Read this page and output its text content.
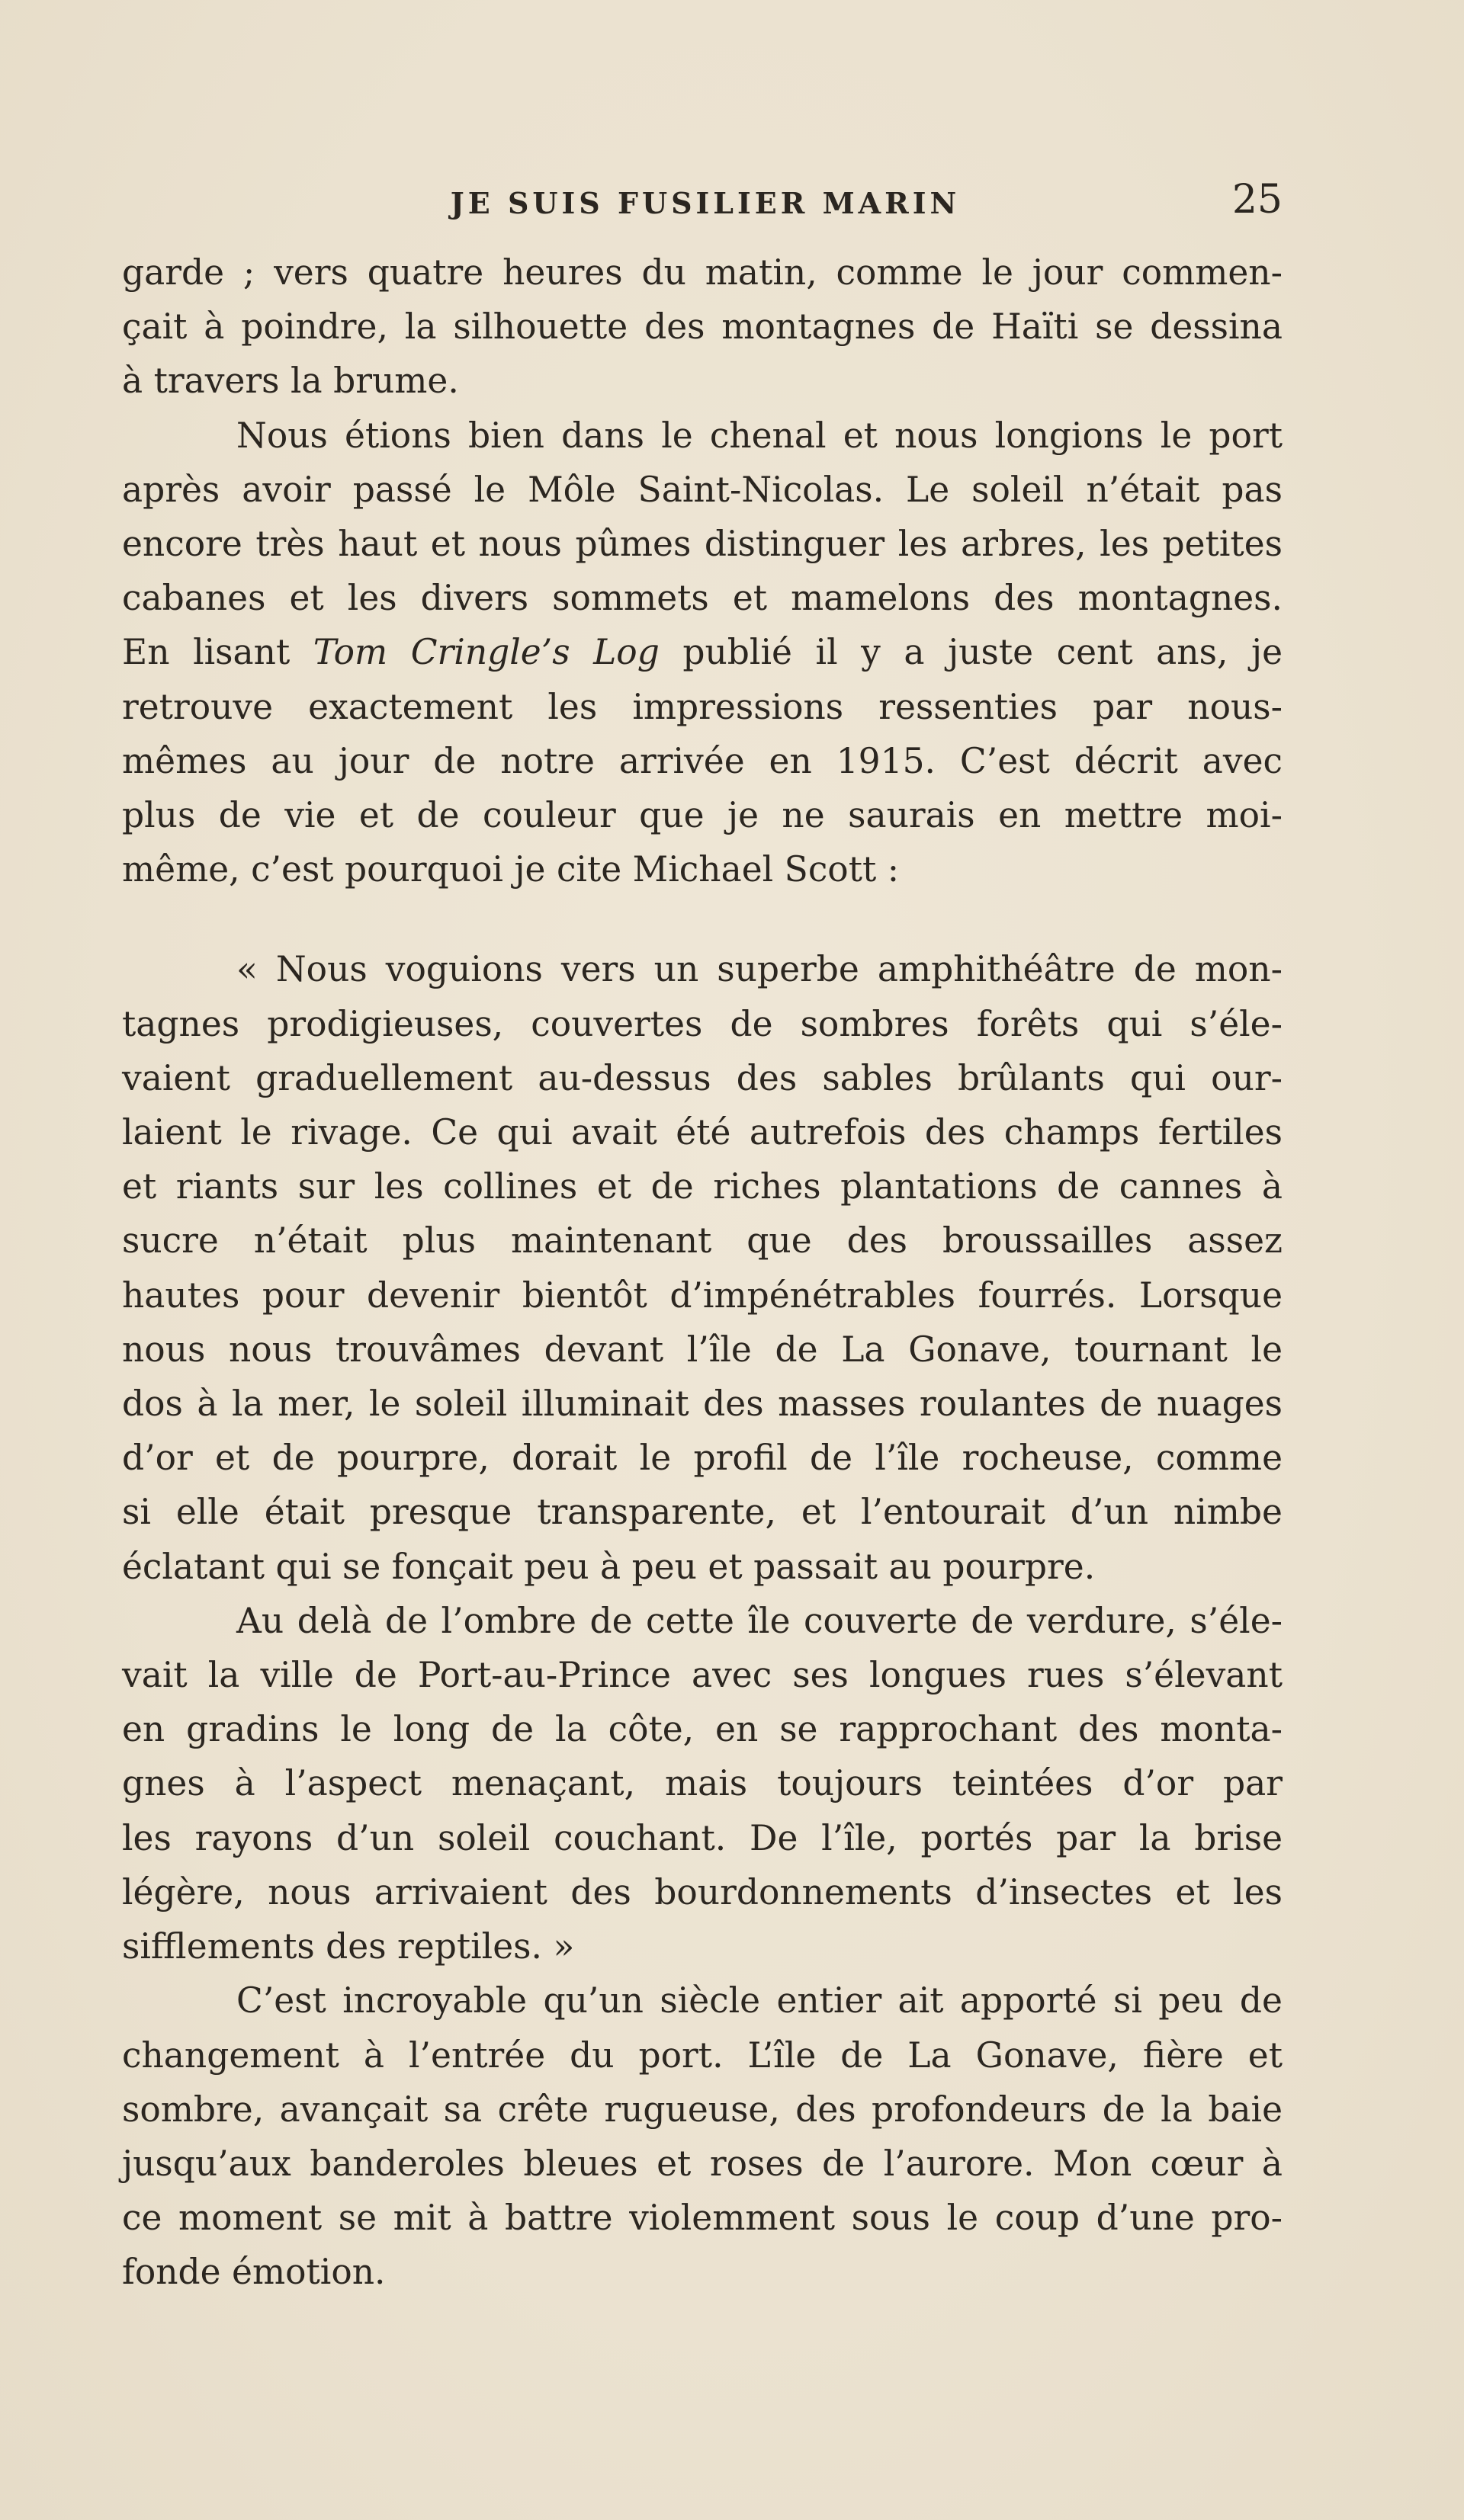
JE SUIS FUSILIER MARIN	25
garde ; vers quatre heures du matin, comme le jour commen-
çait à poindre, la silhouette des montagnes de Haïti se dessina
à travers la brume.
Nous étions bien dans le chenal et nous longions le port
après avoir passé le Môle Saint-Nicolas. Le soleil n’était pas
encore très haut et nous pûmes distinguer les arbres, les petites
cabanes et les divers sommets et mamelons des montagnes.
En lisant Tom Cringle’s Log publié il y a juste cent ans, je
retrouve exactement les impressions ressenties par nous-
mêmes au jour de notre arrivée en 1915. C’est décrit avec
plus de vie et de couleur que je ne saurais en mettre moi-
même, c’est pourquoi je cite Michael Scott :
« Nous voguions vers un superbe amphithéâtre de mon-
tagnes prodigieuses, couvertes de sombres forêts qui s’éle-
vaient graduellement au-dessus des sables brûlants qui our-
laient le rivage. Ce qui avait été autrefois des champs fertiles
et riants sur les collines et de riches plantations de cannes à
sucre n’était plus maintenant que des broussailles assez
hautes pour devenir bientôt d’impénétrables fourrés. Lorsque
nous nous trouvâmes devant l’île de La Gonave, tournant le
dos à la mer, le soleil illuminait des masses roulantes de nuages
d’or et de pourpre, dorait le profil de l’île rocheuse, comme
si elle était presque transparente, et l’entourait d’un nimbe
éclatant qui se fonçait peu à peu et passait au pourpre.
Au delà de l’ombre de cette île couverte de verdure, s’éle-
vait la ville de Port-au-Prince avec ses longues rues s’élevant
en gradins le long de la côte, en se rapprochant des monta-
gnes à l’aspect menaçant, mais toujours teintées d’or par
les rayons d’un soleil couchant. De l’île, portés par la brise
légère, nous arrivaient des bourdonnements d’insectes et les
sifflements des reptiles. »
C’est incroyable qu’un siècle entier ait apporté si peu de
changement à l’entrée du port. L’île de La Gonave, fière et
sombre, avançait sa crête rugueuse, des profondeurs de la baie
jusqu’aux banderoles bleues et roses de l’aurore. Mon cœur à
ce moment se mit à battre violemment sous le coup d’une pro-
fonde émotion.
